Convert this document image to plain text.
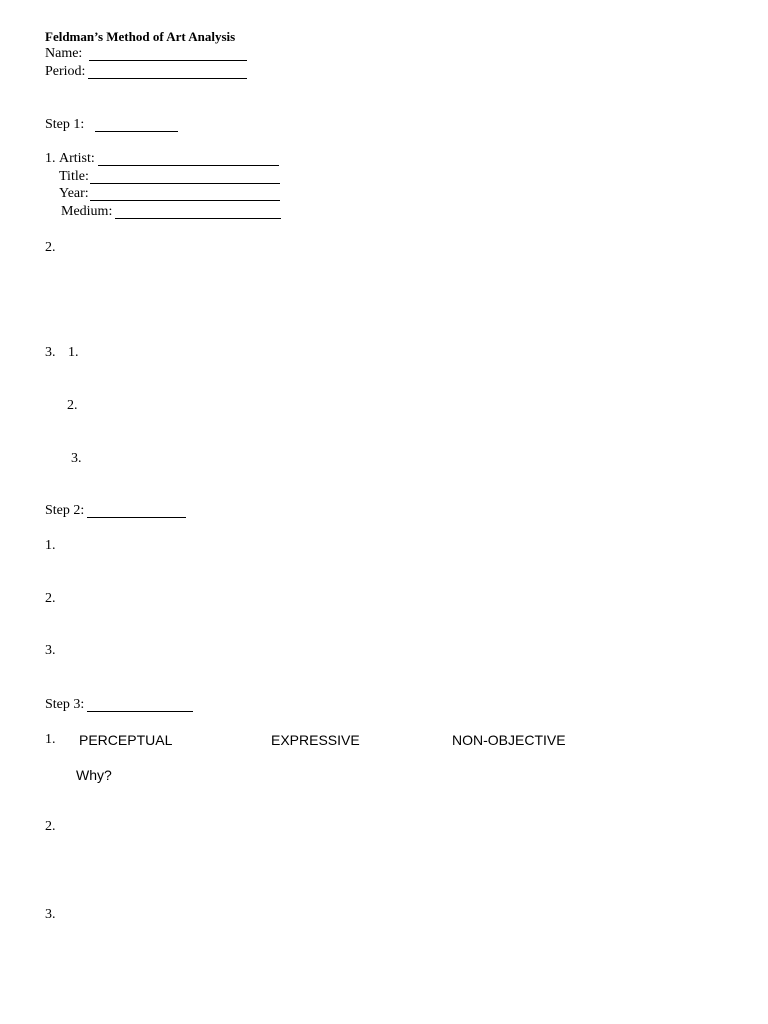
Feldman’s Method of Art Analysis
Name:
Period:
Step 1:
1. Artist:
Title:
Year:
Medium:
2.
3. 1.
2.
3.
Step 2:
1.
2.
3.
Step 3:
1. PERCEPTUAL	EXPRESSIVE	NON-OBJECTIVE
Why?
2.
3.
